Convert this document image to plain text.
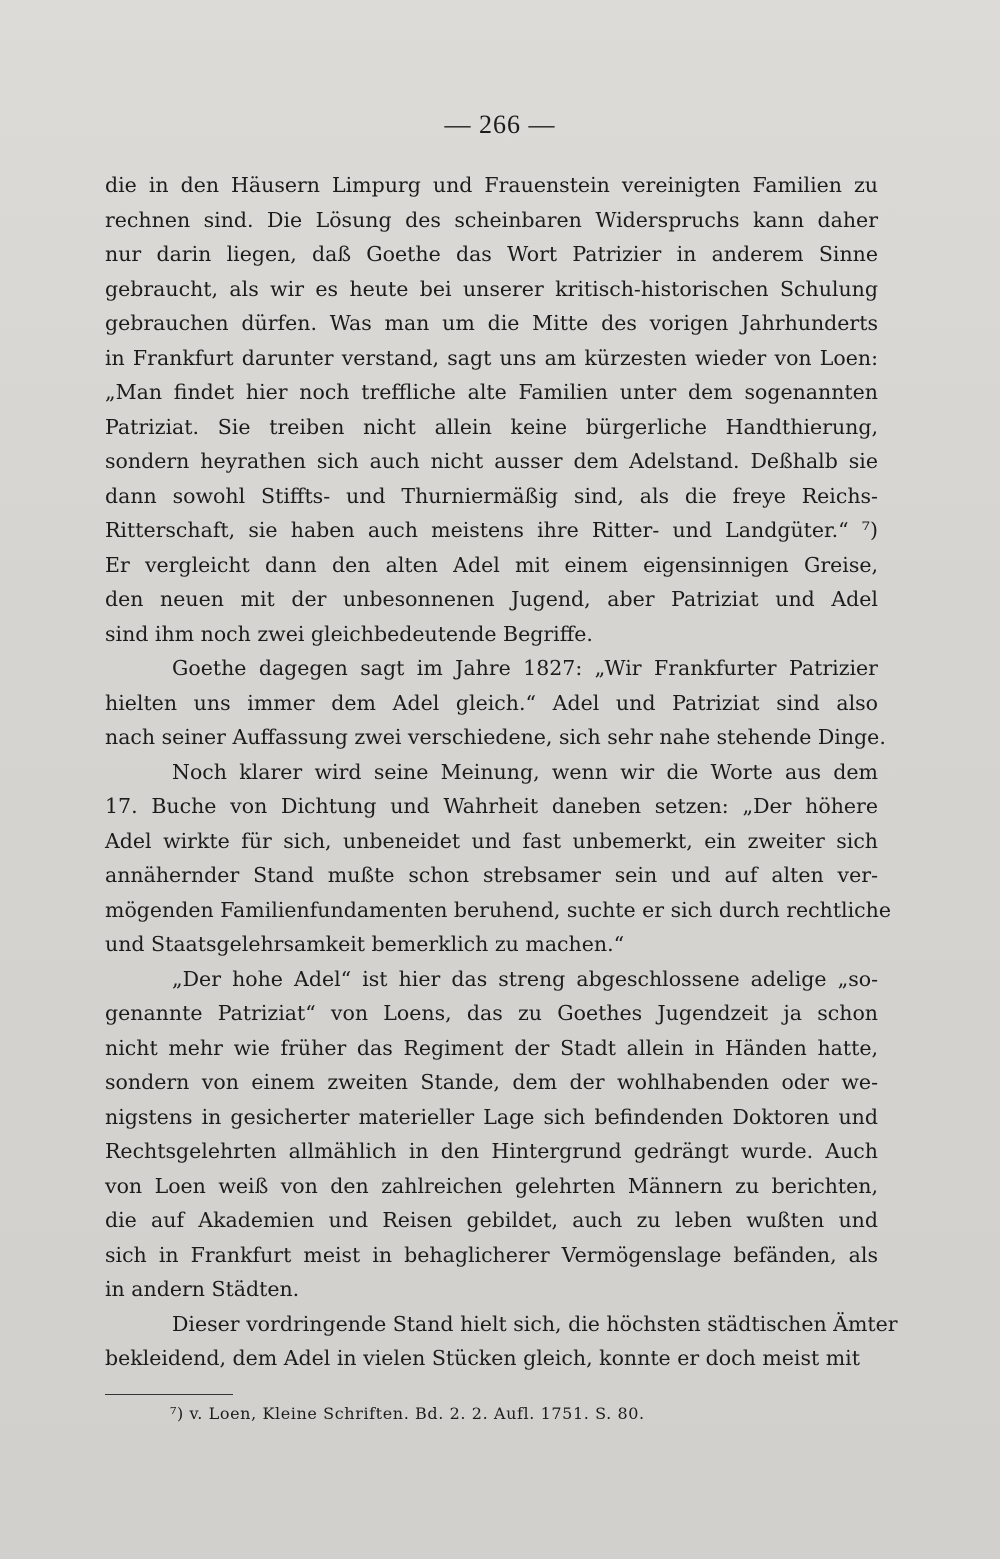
— 266 —
die in den Häusern Limpurg und Frauenstein vereinigten Familien zu
rechnen sind. Die Lösung des scheinbaren Widerspruchs kann daher
nur darin liegen, daß Goethe das Wort Patrizier in anderem Sinne
gebraucht, als wir es heute bei unserer kritisch-historischen Schulung
gebrauchen dürfen. Was man um die Mitte des vorigen Jahrhunderts
in Frankfurt darunter verstand, sagt uns am kürzesten wieder von Loen:
„Man findet hier noch treffliche alte Familien unter dem sogenannten
Patriziat. Sie treiben nicht allein keine bürgerliche Handthierung,
sondern heyrathen sich auch nicht ausser dem Adelstand. Deßhalb sie
dann sowohl Stiffts- und Thurniermäßig sind, als die freye Reichs-
Ritterschaft, sie haben auch meistens ihre Ritter- und Landgüter.“ ⁷)
Er vergleicht dann den alten Adel mit einem eigensinnigen Greise,
den neuen mit der unbesonnenen Jugend, aber Patriziat und Adel
sind ihm noch zwei gleichbedeutende Begriffe.
Goethe dagegen sagt im Jahre 1827: „Wir Frankfurter Patrizier
hielten uns immer dem Adel gleich.“ Adel und Patriziat sind also
nach seiner Auffassung zwei verschiedene, sich sehr nahe stehende Dinge.
Noch klarer wird seine Meinung, wenn wir die Worte aus dem
17. Buche von Dichtung und Wahrheit daneben setzen: „Der höhere
Adel wirkte für sich, unbeneidet und fast unbemerkt, ein zweiter sich
annähernder Stand mußte schon strebsamer sein und auf alten ver-
mögenden Familienfundamenten beruhend, suchte er sich durch rechtliche
und Staatsgelehrsamkeit bemerklich zu machen.“
„Der hohe Adel“ ist hier das streng abgeschlossene adelige „so-
genannte Patriziat“ von Loens, das zu Goethes Jugendzeit ja schon
nicht mehr wie früher das Regiment der Stadt allein in Händen hatte,
sondern von einem zweiten Stande, dem der wohlhabenden oder we-
nigstens in gesicherter materieller Lage sich befindenden Doktoren und
Rechtsgelehrten allmählich in den Hintergrund gedrängt wurde. Auch
von Loen weiß von den zahlreichen gelehrten Männern zu berichten,
die auf Akademien und Reisen gebildet, auch zu leben wußten und
sich in Frankfurt meist in behaglicherer Vermögenslage befänden, als
in andern Städten.
Dieser vordringende Stand hielt sich, die höchsten städtischen Ämter
bekleidend, dem Adel in vielen Stücken gleich, konnte er doch meist mit
⁷) v. Loen, Kleine Schriften. Bd. 2. 2. Aufl. 1751. S. 80.
